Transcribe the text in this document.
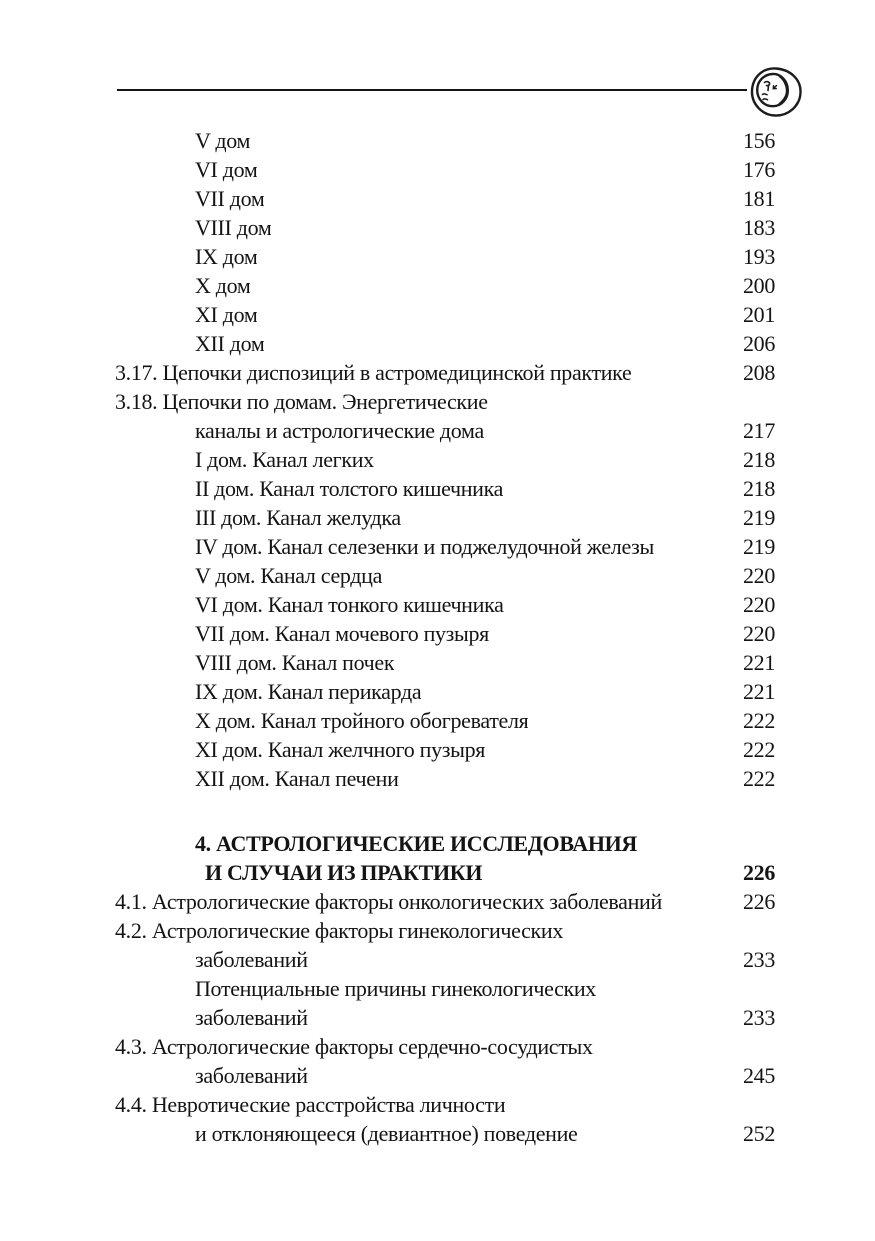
V дом	156
VI дом	176
VII дом	181
VIII дом	183
IX дом	193
X дом	200
XI дом	201
XII дом	206
3.17. Цепочки диспозиций в астромедицинской практике	208
3.18. Цепочки по домам. Энергетические
каналы и астрологические дома	217
I дом. Канал легких	218
II дом. Канал толстого кишечника	218
III дом. Канал желудка	219
IV дом. Канал селезенки и поджелудочной железы	219
V дом. Канал сердца	220
VI дом. Канал тонкого кишечника	220
VII дом. Канал мочевого пузыря	220
VIII дом. Канал почек	221
IX дом. Канал перикарда	221
X дом. Канал тройного обогревателя	222
XI дом. Канал желчного пузыря	222
XII дом. Канал печени	222
4. АСТРОЛОГИЧЕСКИЕ ИССЛЕДОВАНИЯ
И СЛУЧАИ ИЗ ПРАКТИКИ	226
4.1. Астрологические факторы онкологических заболеваний	226
4.2. Астрологические факторы гинекологических
заболеваний	233
Потенциальные причины гинекологических
заболеваний	233
4.3. Астрологические факторы сердечно-сосудистых
заболеваний	245
4.4. Невротические расстройства личности
и отклоняющееся (девиантное) поведение	252
